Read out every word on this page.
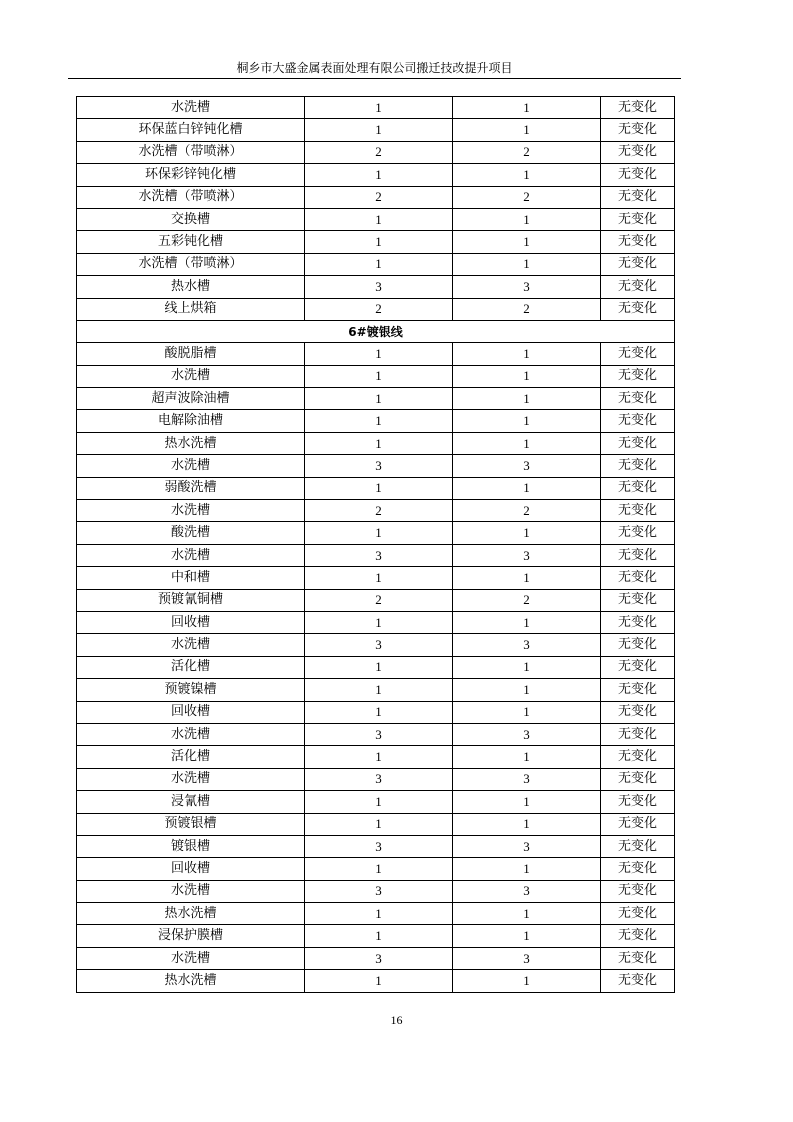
桐乡市大盛金属表面处理有限公司搬迁技改提升项目
水洗槽	1	1	无变化
环保蓝白锌钝化槽	1	1	无变化
水洗槽（带喷淋）	2	2	无变化
环保彩锌钝化槽	1	1	无变化
水洗槽（带喷淋）	2	2	无变化
交换槽	1	1	无变化
五彩钝化槽	1	1	无变化
水洗槽（带喷淋）	1	1	无变化
热水槽	3	3	无变化
线上烘箱	2	2	无变化
6#镀银线			
酸脱脂槽	1	1	无变化
水洗槽	1	1	无变化
超声波除油槽	1	1	无变化
电解除油槽	1	1	无变化
热水洗槽	1	1	无变化
水洗槽	3	3	无变化
弱酸洗槽	1	1	无变化
水洗槽	2	2	无变化
酸洗槽	1	1	无变化
水洗槽	3	3	无变化
中和槽	1	1	无变化
预镀氰铜槽	2	2	无变化
回收槽	1	1	无变化
水洗槽	3	3	无变化
活化槽	1	1	无变化
预镀镍槽	1	1	无变化
回收槽	1	1	无变化
水洗槽	3	3	无变化
活化槽	1	1	无变化
水洗槽	3	3	无变化
浸氰槽	1	1	无变化
预镀银槽	1	1	无变化
镀银槽	3	3	无变化
回收槽	1	1	无变化
水洗槽	3	3	无变化
热水洗槽	1	1	无变化
浸保护膜槽	1	1	无变化
水洗槽	3	3	无变化
热水洗槽	1	1	无变化
16
